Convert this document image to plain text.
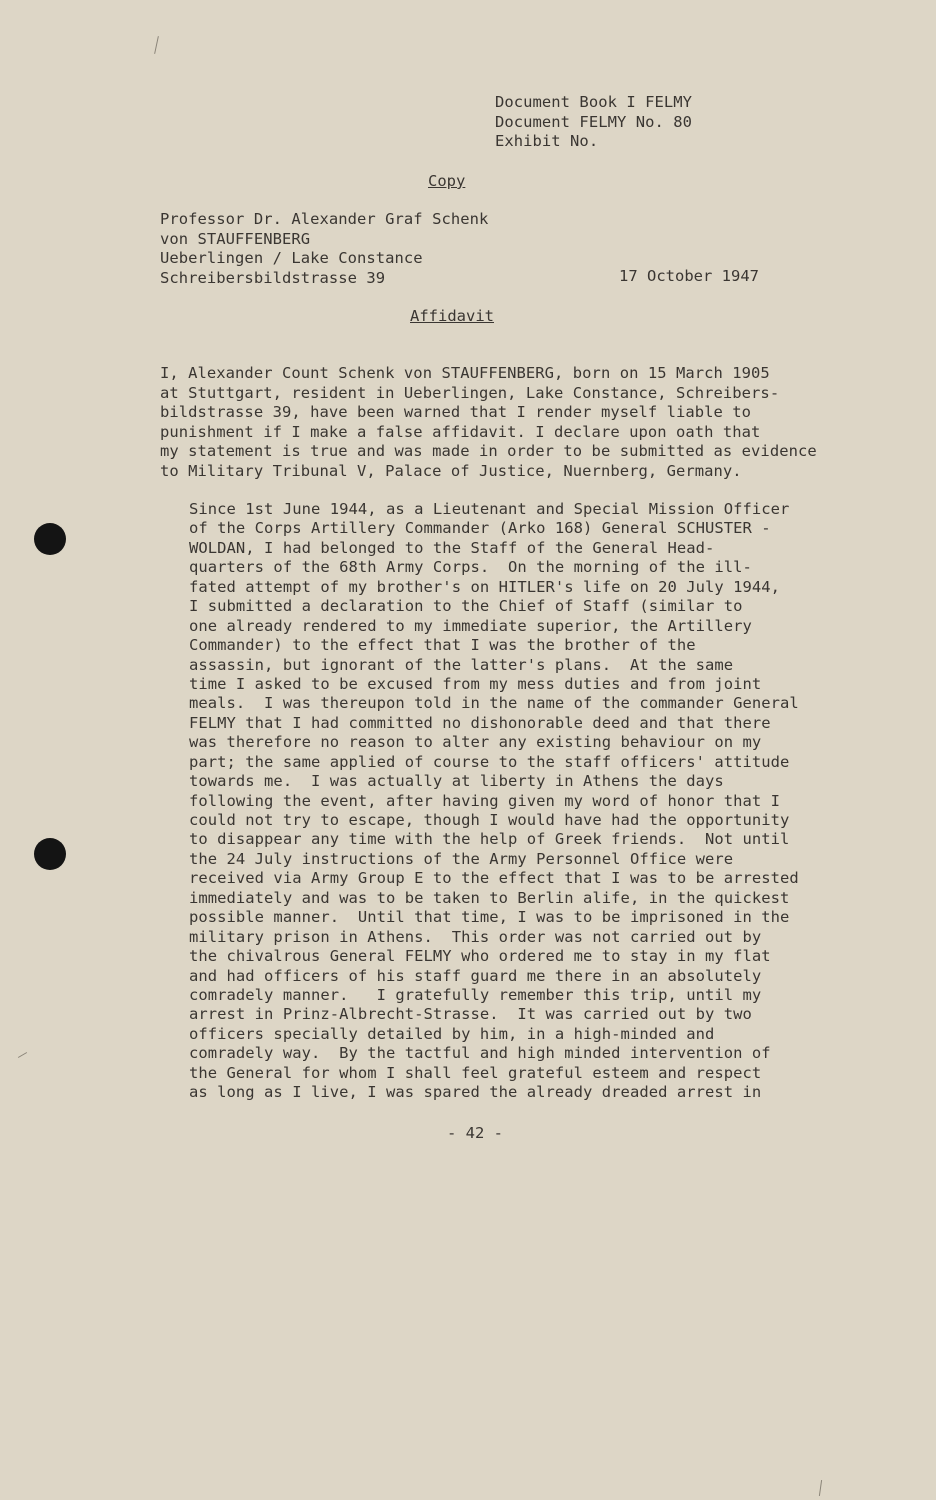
Document Book I FELMY
Document FELMY No. 80
Exhibit No.
Copy
Professor Dr. Alexander Graf Schenk
von STAUFFENBERG
Ueberlingen / Lake Constance
Schreibersbildstrasse 39	17 October 1947
Affidavit
I, Alexander Count Schenk von STAUFFENBERG, born on 15 March 1905
at Stuttgart, resident in Ueberlingen, Lake Constance, Schreibers-
bildstrasse 39, have been warned that I render myself liable to
punishment if I make a false affidavit. I declare upon oath that
my statement is true and was made in order to be submitted as evidence
to Military Tribunal V, Palace of Justice, Nuernberg, Germany.
Since 1st June 1944, as a Lieutenant and Special Mission Officer
of the Corps Artillery Commander (Arko 168) General SCHUSTER -
WOLDAN, I had belonged to the Staff of the General Head-
quarters of the 68th Army Corps.  On the morning of the ill-
fated attempt of my brother's on HITLER's life on 20 July 1944,
I submitted a declaration to the Chief of Staff (similar to
one already rendered to my immediate superior, the Artillery
Commander) to the effect that I was the brother of the
assassin, but ignorant of the latter's plans.  At the same
time I asked to be excused from my mess duties and from joint
meals.  I was thereupon told in the name of the commander General
FELMY that I had committed no dishonorable deed and that there
was therefore no reason to alter any existing behaviour on my
part; the same applied of course to the staff officers' attitude
towards me.  I was actually at liberty in Athens the days
following the event, after having given my word of honor that I
could not try to escape, though I would have had the opportunity
to disappear any time with the help of Greek friends.  Not until
the 24 July instructions of the Army Personnel Office were
received via Army Group E to the effect that I was to be arrested
immediately and was to be taken to Berlin alife, in the quickest
possible manner.  Until that time, I was to be imprisoned in the
military prison in Athens.  This order was not carried out by
the chivalrous General FELMY who ordered me to stay in my flat
and had officers of his staff guard me there in an absolutely
comradely manner.   I gratefully remember this trip, until my
arrest in Prinz-Albrecht-Strasse.  It was carried out by two
officers specially detailed by him, in a high-minded and
comradely way.  By the tactful and high minded intervention of
the General for whom I shall feel grateful esteem and respect
as long as I live, I was spared the already dreaded arrest in
- 42 -
